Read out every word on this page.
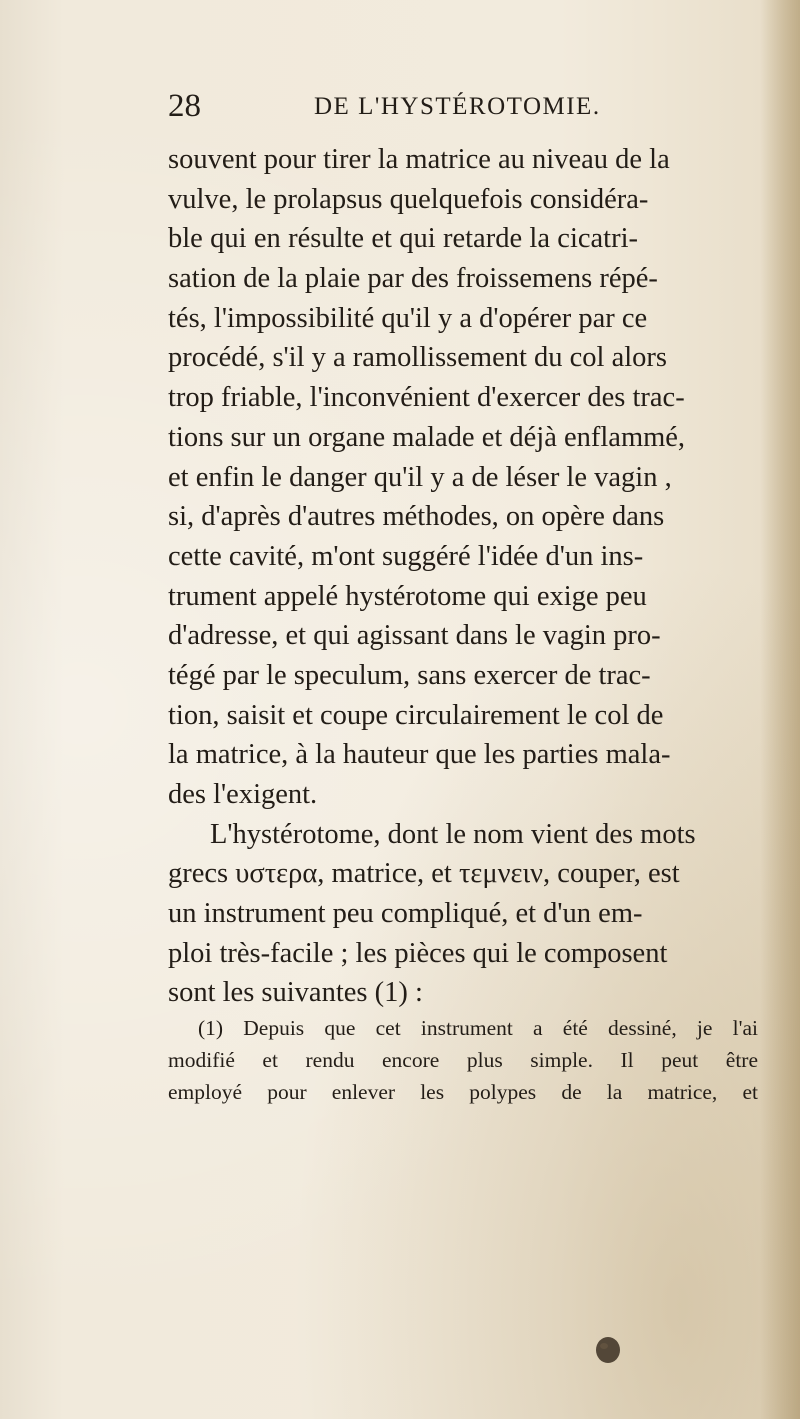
28	DE L'HYSTÉROTOMIE.
souvent pour tirer la matrice au niveau de la
vulve, le prolapsus quelquefois considéra-
ble qui en résulte et qui retarde la cicatri-
sation de la plaie par des froissemens répé-
tés, l'impossibilité qu'il y a d'opérer par ce
procédé, s'il y a ramollissement du col alors
trop friable, l'inconvénient d'exercer des trac-
tions sur un organe malade et déjà enflammé,
et enfin le danger qu'il y a de léser le vagin ,
si, d'après d'autres méthodes, on opère dans
cette cavité, m'ont suggéré l'idée d'un ins-
trument appelé hystérotome qui exige peu
d'adresse, et qui agissant dans le vagin pro-
tégé par le speculum, sans exercer de trac-
tion, saisit et coupe circulairement le col de
la matrice, à la hauteur que les parties mala-
des l'exigent.
L'hystérotome, dont le nom vient des mots
grecs υστερα, matrice, et τεμνειν, couper, est
un instrument peu compliqué, et d'un em-
ploi très-facile ; les pièces qui le composent
sont les suivantes (1) :
(1) Depuis que cet instrument a été dessiné, je l'ai
modifié et rendu encore plus simple. Il peut être
employé pour enlever les polypes de la matrice, et
